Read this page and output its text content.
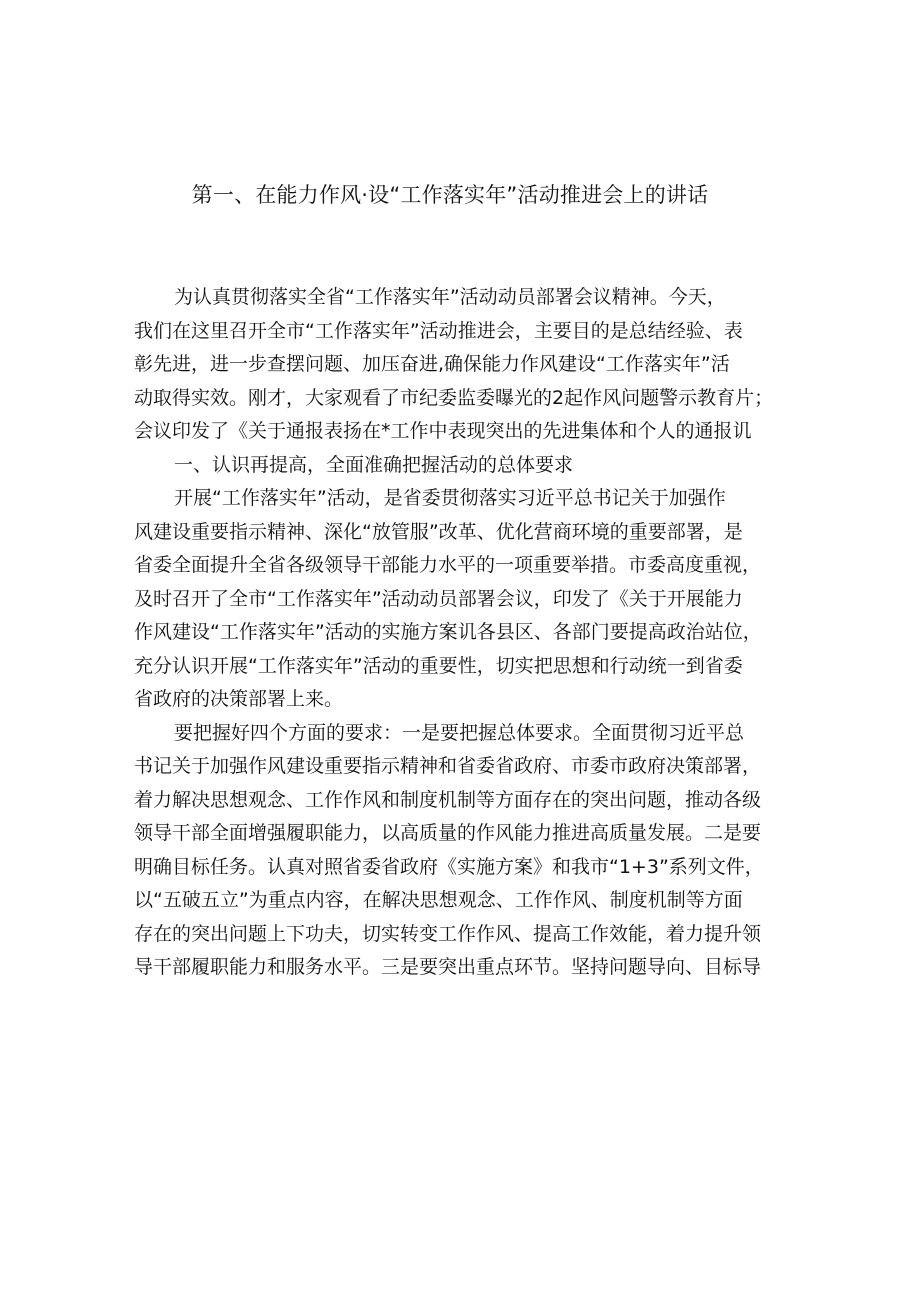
第一、在能力作风·设“工作落实年”活动推进会上的讲话
为认真贯彻落实全省“工作落实年”活动动员部署会议精神。今天，
我们在这里召开全市“工作落实年”活动推进会，主要目的是总结经验、表
彰先进，进一步查摆问题、加压奋进,确保能力作风建设“工作落实年”活
动取得实效。刚才，大家观看了市纪委监委曝光的2起作风问题警示教育片；
会议印发了《关于通报表扬在*工作中表现突出的先进集体和个人的通报讥
一、认识再提高，全面准确把握活动的总体要求
开展“工作落实年”活动，是省委贯彻落实习近平总书记关于加强作
风建设重要指示精神、深化“放管服”改革、优化营商环境的重要部署，是
省委全面提升全省各级领导干部能力水平的一项重要举措。市委高度重视，
及时召开了全市“工作落实年”活动动员部署会议，印发了《关于开展能力
作风建设“工作落实年”活动的实施方案讥各县区、各部门要提高政治站位，
充分认识开展“工作落实年”活动的重要性，切实把思想和行动统一到省委
省政府的决策部署上来。
要把握好四个方面的要求：一是要把握总体要求。全面贯彻习近平总
书记关于加强作风建设重要指示精神和省委省政府、市委市政府决策部署，
着力解决思想观念、工作作风和制度机制等方面存在的突出问题，推动各级
领导干部全面增强履职能力，以高质量的作风能力推进高质量发展。二是要
明确目标任务。认真对照省委省政府《实施方案》和我市“1+3”系列文件，
以“五破五立”为重点内容，在解决思想观念、工作作风、制度机制等方面
存在的突出问题上下功夫，切实转变工作作风、提高工作效能，着力提升领
导干部履职能力和服务水平。三是要突出重点环节。坚持问题导向、目标导
